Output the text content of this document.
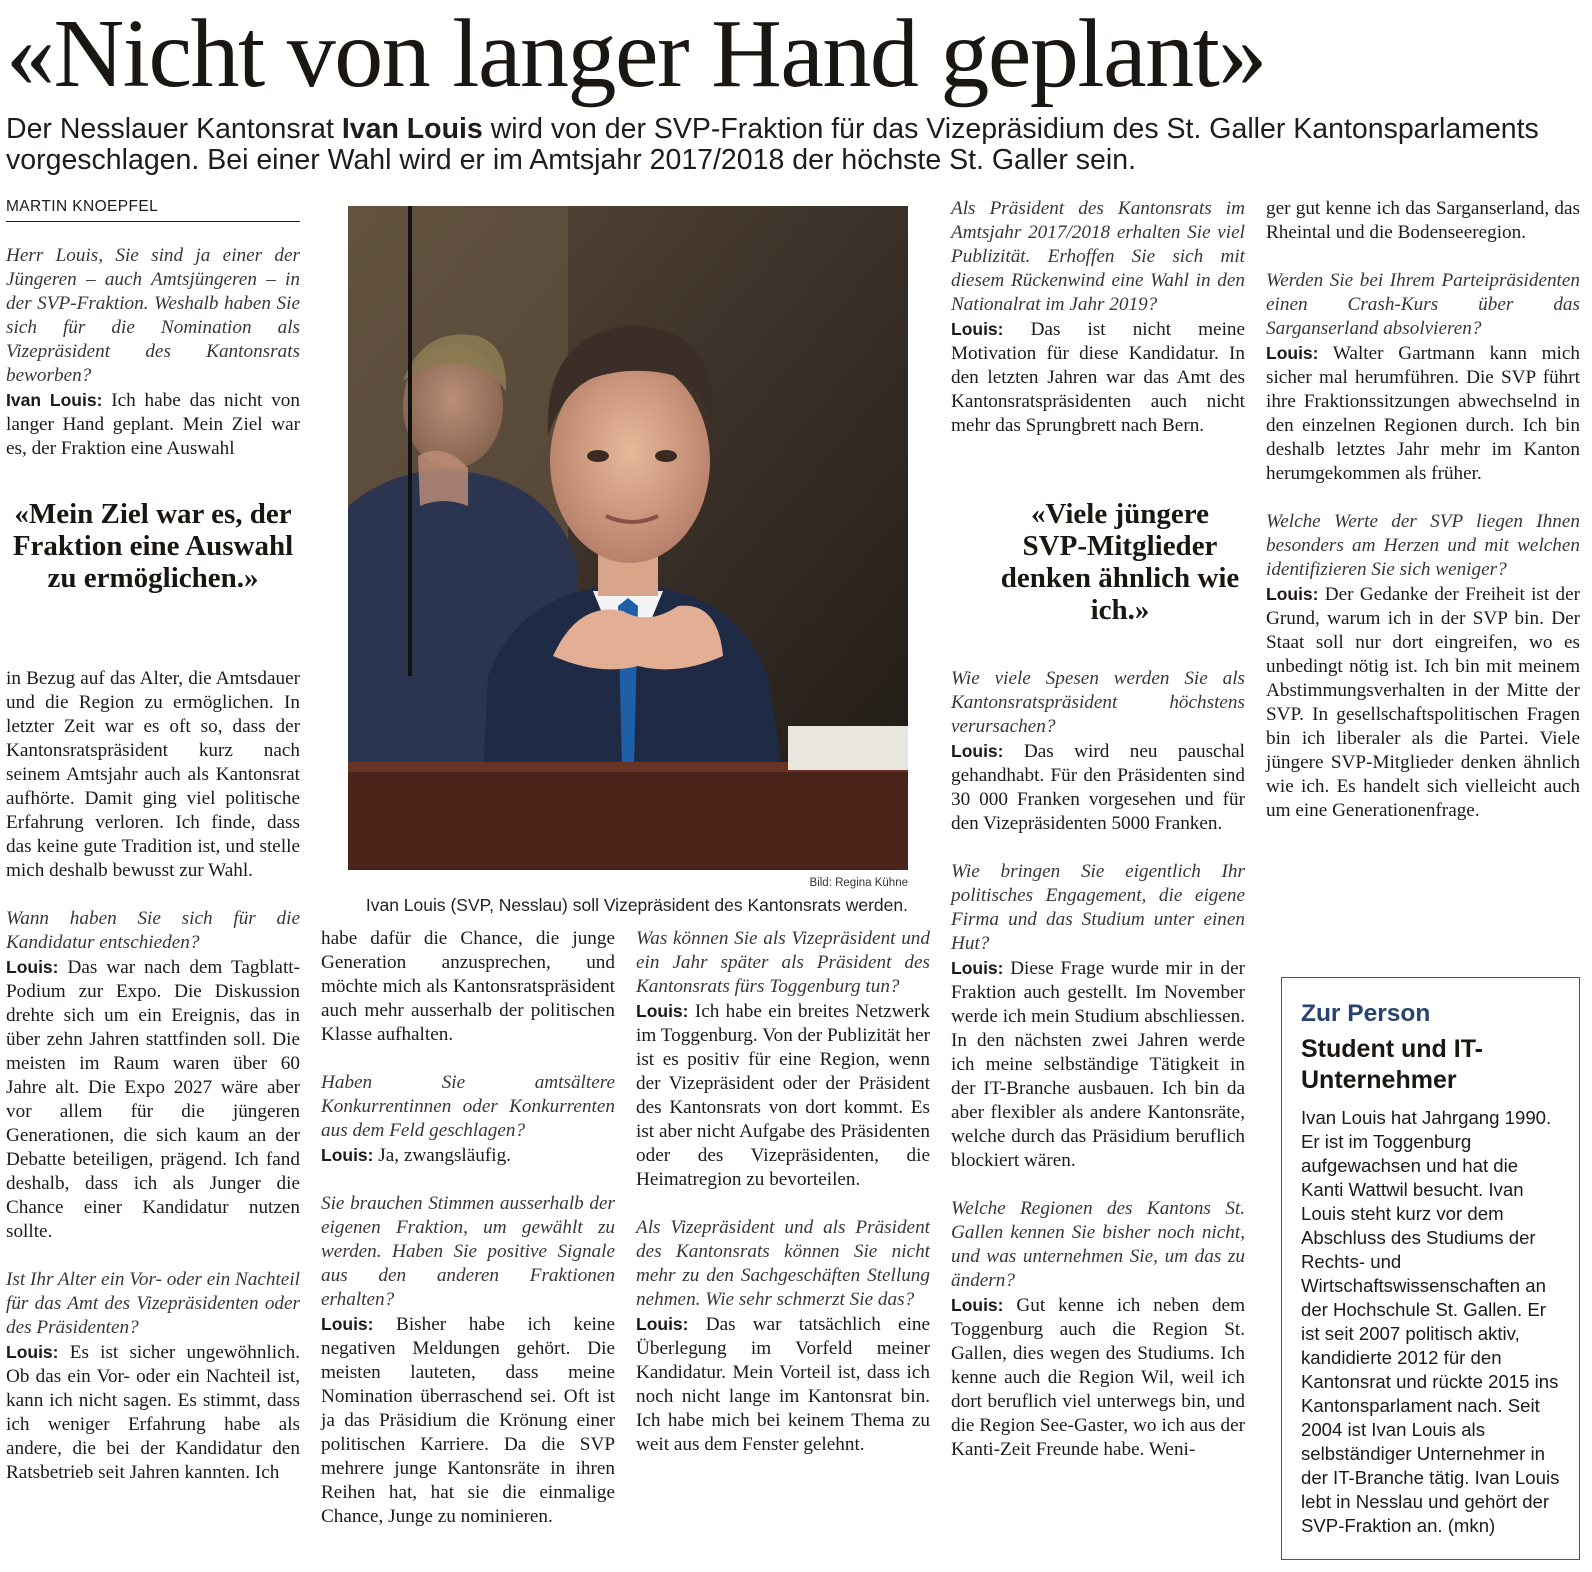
«Nicht von langer Hand geplant»
Der Nesslauer Kantonsrat Ivan Louis wird von der SVP-Fraktion für das Vizepräsidium des St. Galler Kantonsparlaments vorgeschlagen. Bei einer Wahl wird er im Amtsjahr 2017/2018 der höchste St. Galler sein.
MARTIN KNOEPFEL

Herr Louis, Sie sind ja einer der Jüngeren – auch Amtsjüngeren – in der SVP-Fraktion. Weshalb haben Sie sich für die Nomination als Vizepräsident des Kantonsrats beworben?
Ivan Louis: Ich habe das nicht von langer Hand geplant. Mein Ziel war es, der Fraktion eine Auswahl

«Mein Ziel war es, der Fraktion eine Auswahl zu ermöglichen.»

in Bezug auf das Alter, die Amtsdauer und die Region zu ermöglichen. In letzter Zeit war es oft so, dass der Kantonsratspräsident kurz nach seinem Amtsjahr auch als Kantonsrat aufhörte. Damit ging viel politische Erfahrung verloren. Ich finde, dass das keine gute Tradition ist, und stelle mich deshalb bewusst zur Wahl.

Wann haben Sie sich für die Kandidatur entschieden?
Louis: Das war nach dem Tagblatt-Podium zur Expo. Die Diskussion drehte sich um ein Ereignis, das in über zehn Jahren stattfinden soll. Die meisten im Raum waren über 60 Jahre alt. Die Expo 2027 wäre aber vor allem für die jüngeren Generationen, die sich kaum an der Debatte beteiligen, prägend. Ich fand deshalb, dass ich als Junger die Chance einer Kandidatur nutzen sollte.

Ist Ihr Alter ein Vor- oder ein Nachteil für das Amt des Vizepräsidenten oder des Präsidenten?
Louis: Es ist sicher ungewöhnlich. Ob das ein Vor- oder ein Nachteil ist, kann ich nicht sagen. Es stimmt, dass ich weniger Erfahrung habe als andere, die bei der Kandidatur den Ratsbetrieb seit Jahren kannten. Ich

Bild: Regina Kühne
Ivan Louis (SVP, Nesslau) soll Vizepräsident des Kantonsrats werden.

habe dafür die Chance, die junge Generation anzusprechen, und möchte mich als Kantonsratspräsident auch mehr ausserhalb der politischen Klasse aufhalten.

Haben Sie amtsältere Konkurrentinnen oder Konkurrenten aus dem Feld geschlagen?
Louis: Ja, zwangsläufig.

Sie brauchen Stimmen ausserhalb der eigenen Fraktion, um gewählt zu werden. Haben Sie positive Signale aus den anderen Fraktionen erhalten?
Louis: Bisher habe ich keine negativen Meldungen gehört. Die meisten lauteten, dass meine Nomination überraschend sei. Oft ist ja das Präsidium die Krönung einer politischen Karriere. Da die SVP mehrere junge Kantonsräte in ihren Reihen hat, hat sie die einmalige Chance, Junge zu nominieren.

Was können Sie als Vizepräsident und ein Jahr später als Präsident des Kantonsrats fürs Toggenburg tun?
Louis: Ich habe ein breites Netzwerk im Toggenburg. Von der Publizität her ist es positiv für eine Region, wenn der Vizepräsident oder der Präsident des Kantonsrats von dort kommt. Es ist aber nicht Aufgabe des Präsidenten oder des Vizepräsidenten, die Heimatregion zu bevorteilen.

Als Vizepräsident und als Präsident des Kantonsrats können Sie nicht mehr zu den Sachgeschäften Stellung nehmen. Wie sehr schmerzt Sie das?
Louis: Das war tatsächlich eine Überlegung im Vorfeld meiner Kandidatur. Mein Vorteil ist, dass ich noch nicht lange im Kantonsrat bin. Ich habe mich bei keinem Thema zu weit aus dem Fenster gelehnt.

Als Präsident des Kantonsrats im Amtsjahr 2017/2018 erhalten Sie viel Publizität. Erhoffen Sie sich mit diesem Rückenwind eine Wahl in den Nationalrat im Jahr 2019?
Louis: Das ist nicht meine Motivation für diese Kandidatur. In den letzten Jahren war das Amt des Kantonsratspräsidenten auch nicht mehr das Sprungbrett nach Bern.

«Viele jüngere SVP-Mitglieder denken ähnlich wie ich.»

Wie viele Spesen werden Sie als Kantonsratspräsident höchstens verursachen?
Louis: Das wird neu pauschal gehandhabt. Für den Präsidenten sind 30 000 Franken vorgesehen und für den Vizepräsidenten 5000 Franken.

Wie bringen Sie eigentlich Ihr politisches Engagement, die eigene Firma und das Studium unter einen Hut?
Louis: Diese Frage wurde mir in der Fraktion auch gestellt. Im November werde ich mein Studium abschliessen. In den nächsten zwei Jahren werde ich meine selbständige Tätigkeit in der IT-Branche ausbauen. Ich bin da aber flexibler als andere Kantonsräte, welche durch das Präsidium beruflich blockiert wären.

Welche Regionen des Kantons St. Gallen kennen Sie bisher noch nicht, und was unternehmen Sie, um das zu ändern?
Louis: Gut kenne ich neben dem Toggenburg auch die Region St. Gallen, dies wegen des Studiums. Ich kenne auch die Region Wil, weil ich dort beruflich viel unterwegs bin, und die Region See-Gaster, wo ich aus der Kanti-Zeit Freunde habe. Weni-

ger gut kenne ich das Sarganserland, das Rheintal und die Bodenseeregion.

Werden Sie bei Ihrem Parteipräsidenten einen Crash-Kurs über das Sarganserland absolvieren?
Louis: Walter Gartmann kann mich sicher mal herumführen. Die SVP führt ihre Fraktionssitzungen abwechselnd in den einzelnen Regionen durch. Ich bin deshalb letztes Jahr mehr im Kanton herumgekommen als früher.

Welche Werte der SVP liegen Ihnen besonders am Herzen und mit welchen identifizieren Sie sich weniger?
Louis: Der Gedanke der Freiheit ist der Grund, warum ich in der SVP bin. Der Staat soll nur dort eingreifen, wo es unbedingt nötig ist. Ich bin mit meinem Abstimmungsverhalten in der Mitte der SVP. In gesellschaftspolitischen Fragen bin ich liberaler als die Partei. Viele jüngere SVP-Mitglieder denken ähnlich wie ich. Es handelt sich vielleicht auch um eine Generationenfrage.

Zur Person
Student und IT-Unternehmer
Ivan Louis hat Jahrgang 1990. Er ist im Toggenburg aufgewachsen und hat die Kanti Wattwil besucht. Ivan Louis steht kurz vor dem Abschluss des Studiums der Rechts- und Wirtschaftswissenschaften an der Hochschule St. Gallen. Er ist seit 2007 politisch aktiv, kandidierte 2012 für den Kantonsrat und rückte 2015 ins Kantonsparlament nach. Seit 2004 ist Ivan Louis als selbständiger Unternehmer in der IT-Branche tätig. Ivan Louis lebt in Nesslau und gehört der SVP-Fraktion an. (mkn)
